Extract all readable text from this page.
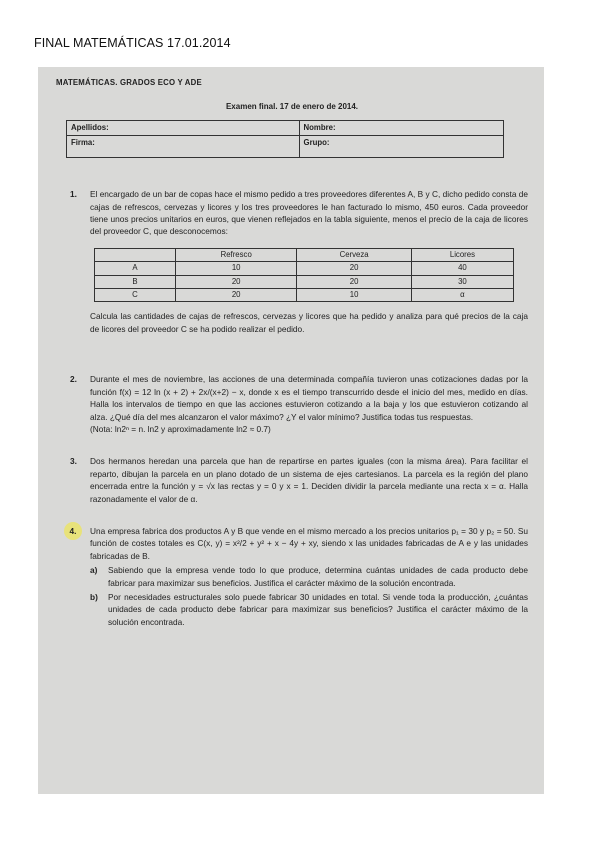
FINAL MATEMÁTICAS 17.01.2014
MATEMÁTICAS. GRADOS ECO Y ADE
Examen final. 17 de enero de 2014.
Apellidos:	Nombre:
Firma:	Grupo:
1. El encargado de un bar de copas hace el mismo pedido a tres proveedores diferentes A, B y C, dicho pedido consta de cajas de refrescos, cervezas y licores y los tres proveedores le han facturado lo mismo, 450 euros. Cada proveedor tiene unos precios unitarios en euros, que vienen reflejados en la tabla siguiente, menos el precio de la caja de licores del proveedor C, que desconocemos:
	Refresco	Cerveza	Licores
A	10	20	40
B	20	20	30
C	20	10	α
Calcula las cantidades de cajas de refrescos, cervezas y licores que ha pedido y analiza para qué precios de la caja de licores del proveedor C se ha podido realizar el pedido.
2. Durante el mes de noviembre, las acciones de una determinada compañía tuvieron unas cotizaciones dadas por la función f(x) = 12 ln (x + 2) + 2x/(x+2) − x, donde x es el tiempo transcurrido desde el inicio del mes, medido en días. Halla los intervalos de tiempo en que las acciones estuvieron cotizando a la baja y los que estuvieron cotizando al alza. ¿Qué día del mes alcanzaron el valor máximo? ¿Y el valor mínimo? Justifica todas tus respuestas.
(Nota: ln2ⁿ = n. ln2 y aproximadamente ln2 ≈ 0.7)
3. Dos hermanos heredan una parcela que han de repartirse en partes iguales (con la misma área). Para facilitar el reparto, dibujan la parcela en un plano dotado de un sistema de ejes cartesianos. La parcela es la región del plano encerrada entre la función y = √x las rectas y = 0 y x = 1. Deciden dividir la parcela mediante una recta x = α. Halla razonadamente el valor de α.
4.	Una empresa fabrica dos productos A y B que vende en el mismo mercado a los precios unitarios p₁ = 30 y p₂ = 50. Su función de costes totales es C(x, y) = x²/2 + y² + x − 4y + xy, siendo x las unidades fabricadas de A e y las unidades fabricadas de B.
a) Sabiendo que la empresa vende todo lo que produce, determina cuántas unidades de cada producto debe fabricar para maximizar sus beneficios. Justifica el carácter máximo de la solución encontrada.
b) Por necesidades estructurales solo puede fabricar 30 unidades en total. Si vende toda la producción, ¿cuántas unidades de cada producto debe fabricar para maximizar sus beneficios? Justifica el carácter máximo de la solución encontrada.
